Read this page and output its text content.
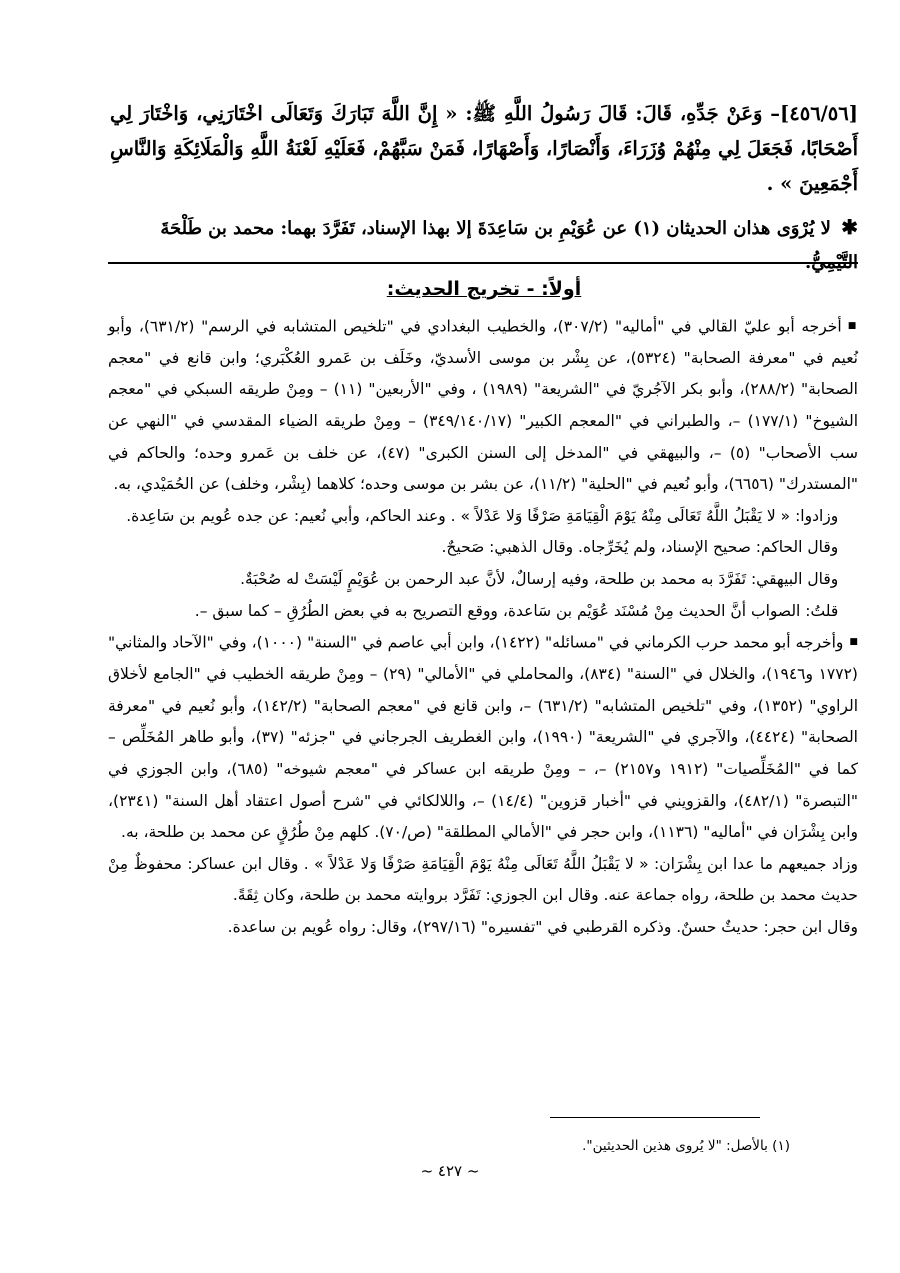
[٤٥٦/٥٦]– وَعَنْ جَدِّهِ، قَالَ: قَالَ رَسُولُ اللَّهِ ﷺ: « إِنَّ اللَّهَ تَبَارَكَ وَتَعَالَى اخْتَارَنِي، وَاخْتَارَ لِي أَصْحَابًا، فَجَعَلَ لِي مِنْهُمْ وُزَرَاءَ، وَأَنْصَارًا، وَأَصْهَارًا، فَمَنْ سَبَّهُمْ، فَعَلَيْهِ لَعْنَةُ اللَّهِ وَالْمَلَائِكَةِ وَالنَّاسِ أَجْمَعِينَ » .

✱ لا يُرْوَى هذان الحديثان (١) عن عُوَيْمِ بن سَاعِدَةَ إلا بهذا الإسناد، تَفَرَّدَ بهما: محمد بن طَلْحَةَ التَّيْمِيُّ.
أولاً: - تخريج الحديث:

■أخرجه أبو عليّ القالي في "أماليه" (٣٠٧/٢)، والخطيب البغدادي في "تلخيص المتشابه في الرسم" (٦٣١/٢)، وأبو نُعيم في "معرفة الصحابة" (٥٣٢٤)، عن بِشْر بن موسى الأسديّ، وخَلَف بن عَمرو العُكْبَري؛ وابن قانع في "معجم الصحابة" (٢٨٨/٢)، وأبو بكر الآجُريّ في "الشريعة" (١٩٨٩) ، وفي "الأربعين" (١١) – ومِنْ طريقه السبكي في "معجم الشيوخ" (١٧٧/١) –، والطبراني في "المعجم الكبير" (٣٤٩/١٤٠/١٧) – ومِنْ طريقه الضياء المقدسي في "النهي عن سب الأصحاب" (٥) –، والبيهقي في "المدخل إلى السنن الكبرى" (٤٧)، عن خلف بن عَمرو وحده؛ والحاكم في "المستدرك" (٦٦٥٦)، وأبو نُعيم في "الحلية" (١١/٢)، عن بشر بن موسى وحده؛ كلاهما (بِشْر، وخلف) عن الحُمَيْدي، به.

وزادوا: « لا يَقْبَلُ اللَّهُ تَعَالَى مِنْهُ يَوْمَ الْقِيَامَةِ صَرْفًا وَلا عَدْلاً » . وعند الحاكم، وأبي نُعيم: عن جده عُويم بن سَاعِدة.

وقال الحاكم: صحيح الإسناد، ولم يُخَرِّجاه. وقال الذهبي: صَحيحٌ.

وقال البيهقي: تَفَرَّدَ به محمد بن طلحة، وفيه إرسالٌ، لأنَّ عبد الرحمن بن عُوَيْمٍ لَيْسَتْ له صُحْبَةٌ.

قلتُ: الصواب أنَّ الحديث مِنْ مُسْنَد عُوَيْم بن سَاعدة، ووقع التصريح به في بعض الطُرُقِ – كما سبق –.

■وأخرجه أبو محمد حرب الكرماني في "مسائله" (١٤٢٢)، وابن أبي عاصم في "السنة" (١٠٠٠)، وفي "الآحاد والمثاني" (١٧٧٢ و١٩٤٦)، والخلال في "السنة" (٨٣٤)، والمحاملي في "الأمالي" (٢٩) – ومِنْ طريقه الخطيب في "الجامع لأخلاق الراوي" (١٣٥٢)، وفي "تلخيص المتشابه" (٦٣١/٢) –، وابن قانع في "معجم الصحابة" (١٤٢/٢)، وأبو نُعيم في "معرفة الصحابة" (٤٤٢٤)، والآجري في "الشريعة" (١٩٩٠)، وابن الغطريف الجرجاني في "جزئه" (٣٧)، وأبو طاهر المُخَلِّص – كما في "المُخَلِّصيات" (١٩١٢ و٢١٥٧) –، – ومِنْ طريقه ابن عساكر في "معجم شيوخه" (٦٨٥)، وابن الجوزي في "التبصرة" (٤٨٢/١)، والقزويني في "أخبار قزوين" (١٤/٤) –، واللالكائي في "شرح أصول اعتقاد أهل السنة" (٢٣٤١)، وابن بِشْرَان في "أماليه" (١١٣٦)، وابن حجر في "الأمالي المطلقة" (ص/٧٠). كلهم مِنْ طُرُقٍ عن محمد بن طلحة، به.

وزاد جميعهم ما عدا ابن بِشْرَان: « لا يَقْبَلُ اللَّهُ تَعَالَى مِنْهُ يَوْمَ الْقِيَامَةِ صَرْفًا وَلا عَدْلاً » . وقال ابن عساكر: محفوظٌ مِنْ حديث محمد بن طلحة، رواه جماعة عنه. وقال ابن الجوزي: تَفَرَّد بروايته محمد بن طلحة، وكان ثِقَةً.

وقال ابن حجر: حديثٌ حسنٌ. وذكره القرطبي في "تفسيره" (٢٩٧/١٦)، وقال: رواه عُويم بن ساعدة.

(١) بالأصل: "لا يُروى هذين الحديثين".
~ ٤٢٧ ~
